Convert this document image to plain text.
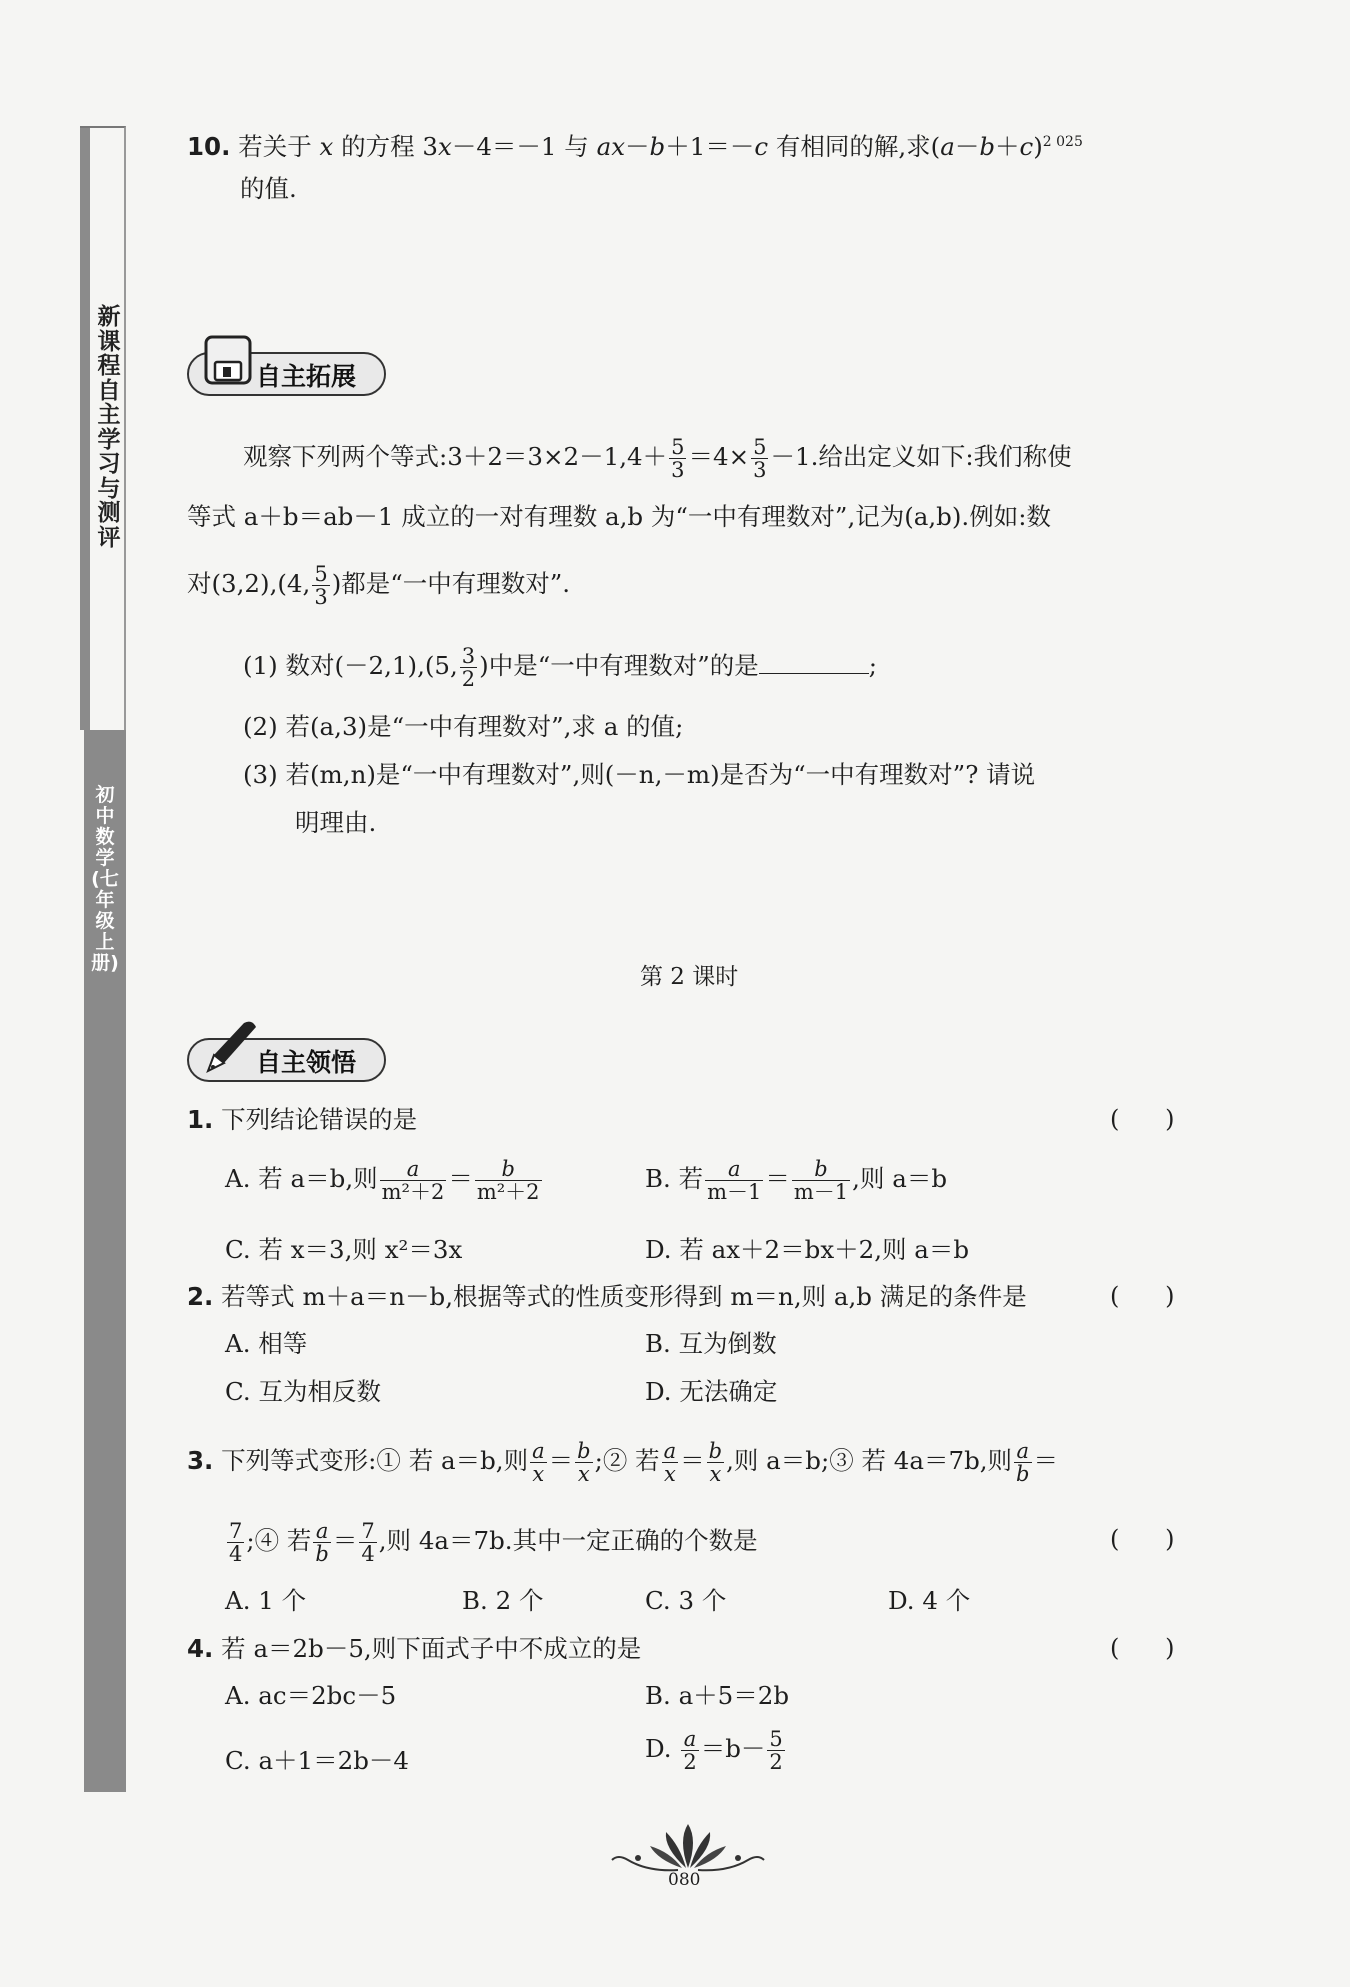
新课程自主学习与测评
初中数学(七年级上册)
10. 若关于 x 的方程 3x－4＝－1 与 ax－b＋1＝－c 有相同的解,求$(a-b+c)^{2 025}$
的值.
自主拓展
观察下列两个等式:3＋2＝3×2－1,4＋ $\frac{5}{3} =4\times \frac{5}{3} -1$.给出定义如下:我们称使
等式 a＋b＝ab－1 成立的一对有理数 a,b 为“一中有理数对”,记为(a,b).例如:数
对(3,2),(4, $\frac{5}{3}$ )都是“一中有理数对”.
(1) 数对(－2,1),(5, $\frac{3}{2}$ )中是“一中有理数对”的是	;
(2) 若(a,3)是“一中有理数对”,求 a 的值;
(3) 若(m,n)是“一中有理数对”,则(－n,－m)是否为“一中有理数对”? 请说
明理由.
第 2 课时
自主领悟
1. 下列结论错误的是	(      )
A. 若 a＝b,则 $\frac{a}{\text{m²＋2}} = \frac{b}{\text{m²＋2}}$	B. 若 $\frac{a}{m-1} = \frac{b}{m-1}$ ,则 a＝b
C. 若 x＝3,则 x²＝3x	D. 若 ax＋2＝bx＋2,则 a＝b
2. 若等式 m＋a＝n－b,根据等式的性质变形得到 m＝n,则 a,b 满足的条件是	(      )
A. 相等	B. 互为倒数
C. 互为相反数	D. 无法确定
3. 下列等式变形:① 若 a＝b,则 $\frac{a}{x} = \frac{b}{x}$ ;② 若 $\frac{a}{x} = \frac{b}{x}$ ,则 a＝b;③ 若 4a＝7b,则 $\frac{a}{b}$ ＝
$\frac{7}{4}$ ;④ 若 $\frac{a}{b} = \frac{7}{4}$ ,则 4a＝7b.其中一定正确的个数是	(      )
A. 1 个	B. 2 个	C. 3 个	D. 4 个
4. 若 a＝2b－5,则下面式子中不成立的是	(      )
A. ac＝2bc－5	B. a＋5＝2b
C. a＋1＝2b－4	D. $\frac{a}{2} =b- \frac{5}{2}$
080
